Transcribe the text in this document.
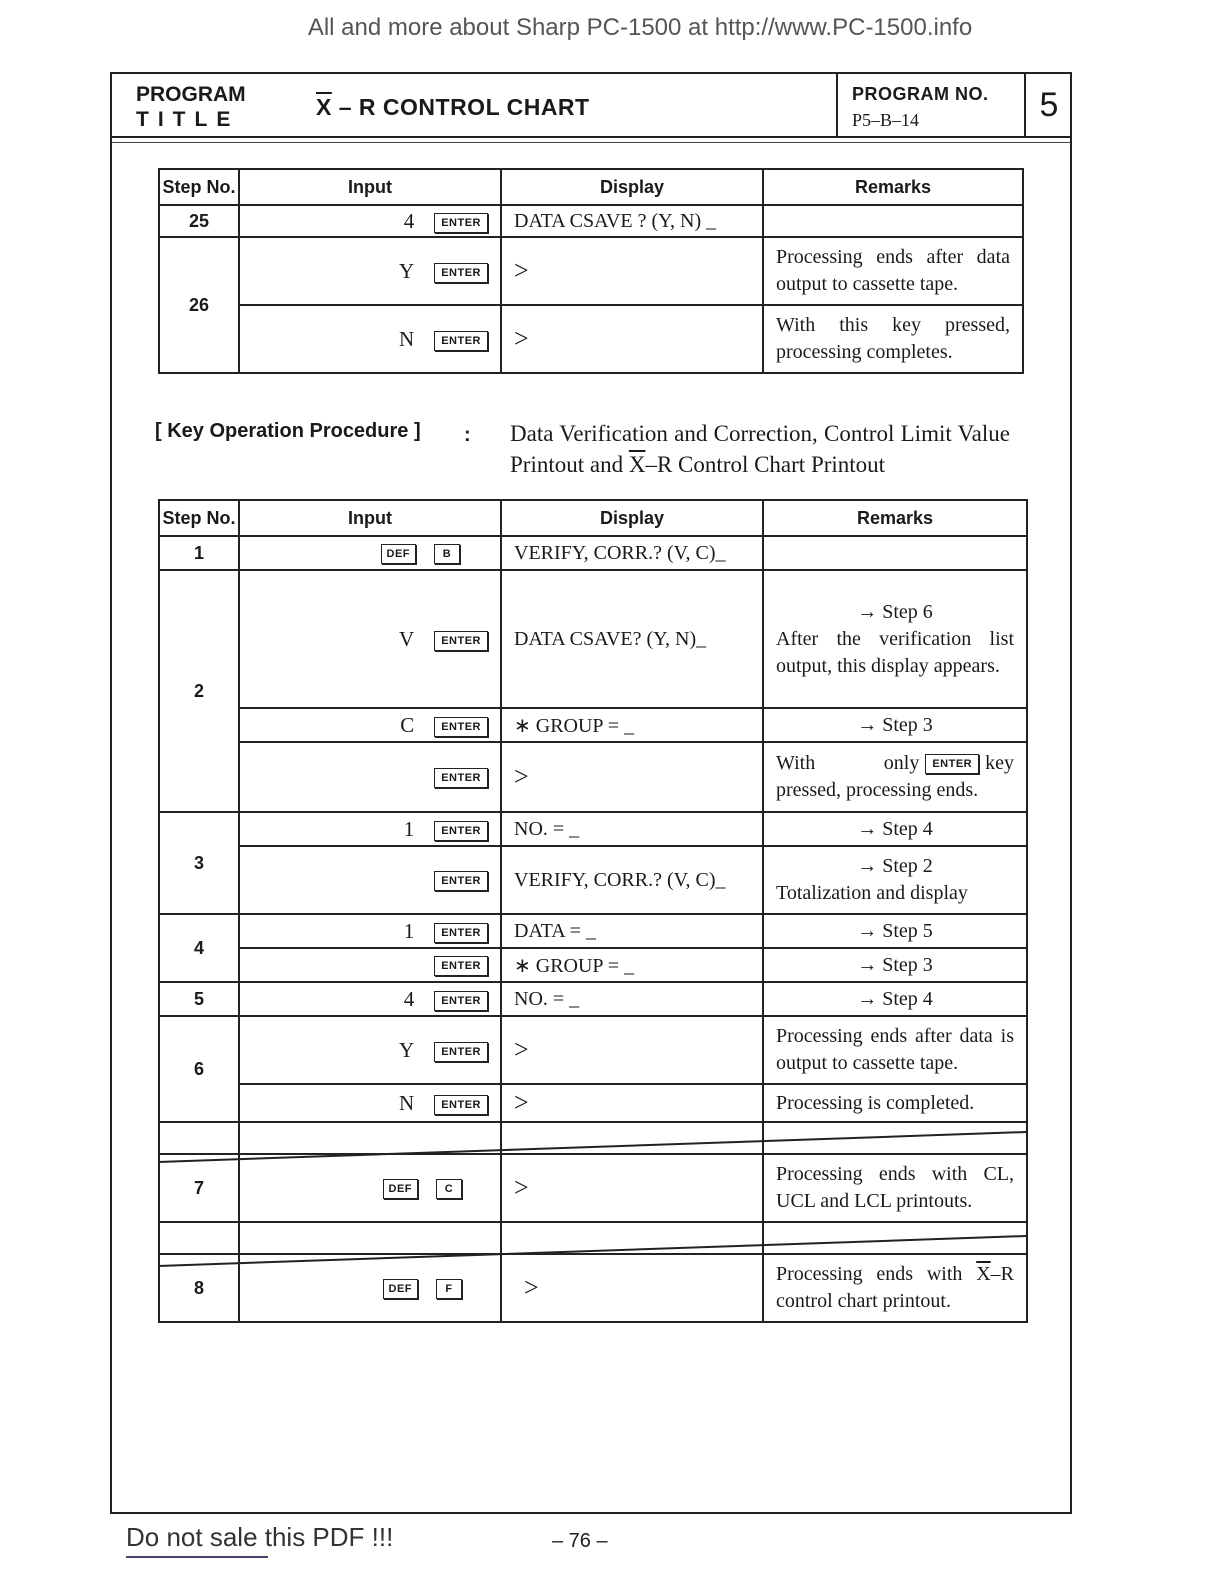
All and more about Sharp PC-1500 at http://www.PC-1500.info
PROGRAM
TITLE	$\overline{X}$ – R CONTROL CHART	PROGRAM NO.
P5–B–14	5
Step No.	Input	Display	Remarks
25	4 ENTER	DATA CSAVE ? (Y, N) _	
26	Y ENTER	>	Processing ends after data output to cassette tape.
	N ENTER	>	With this key pressed, processing completes.
[ Key Operation Procedure ] : Data Verification and Correction, Control Limit Value Printout and $\overline{X}-R$ Control Chart Printout
Step No.	Input	Display	Remarks
1	DEF B	VERIFY, CORR.? (V, C)_	
2	V ENTER	DATA CSAVE? (Y, N)_	→ Step 6
After the verification list output, this display appears.
	C ENTER	∗ GROUP = _	→ Step 3

	ENTER	>	With only ENTER key pressed, processing ends.
3	1 ENTER	NO. = _	→ Step 4

	ENTER	VERIFY, CORR.? (V, C)_	→ Step 2
Totalization and display
4	1 ENTER	DATA = _	→ Step 5

	ENTER	∗ GROUP = _	→ Step 3

5	4 ENTER	NO. = _	→ Step 4

6	Y ENTER	>	Processing ends after data is output to cassette tape.
	N ENTER	>	Processing is completed.

7	DEF C	>	Processing ends with CL, UCL and LCL printouts.

8	DEF F	>	Processing ends with $\overline{X}-R$ control chart printout.
Do not sale this PDF !!!	– 76 –
